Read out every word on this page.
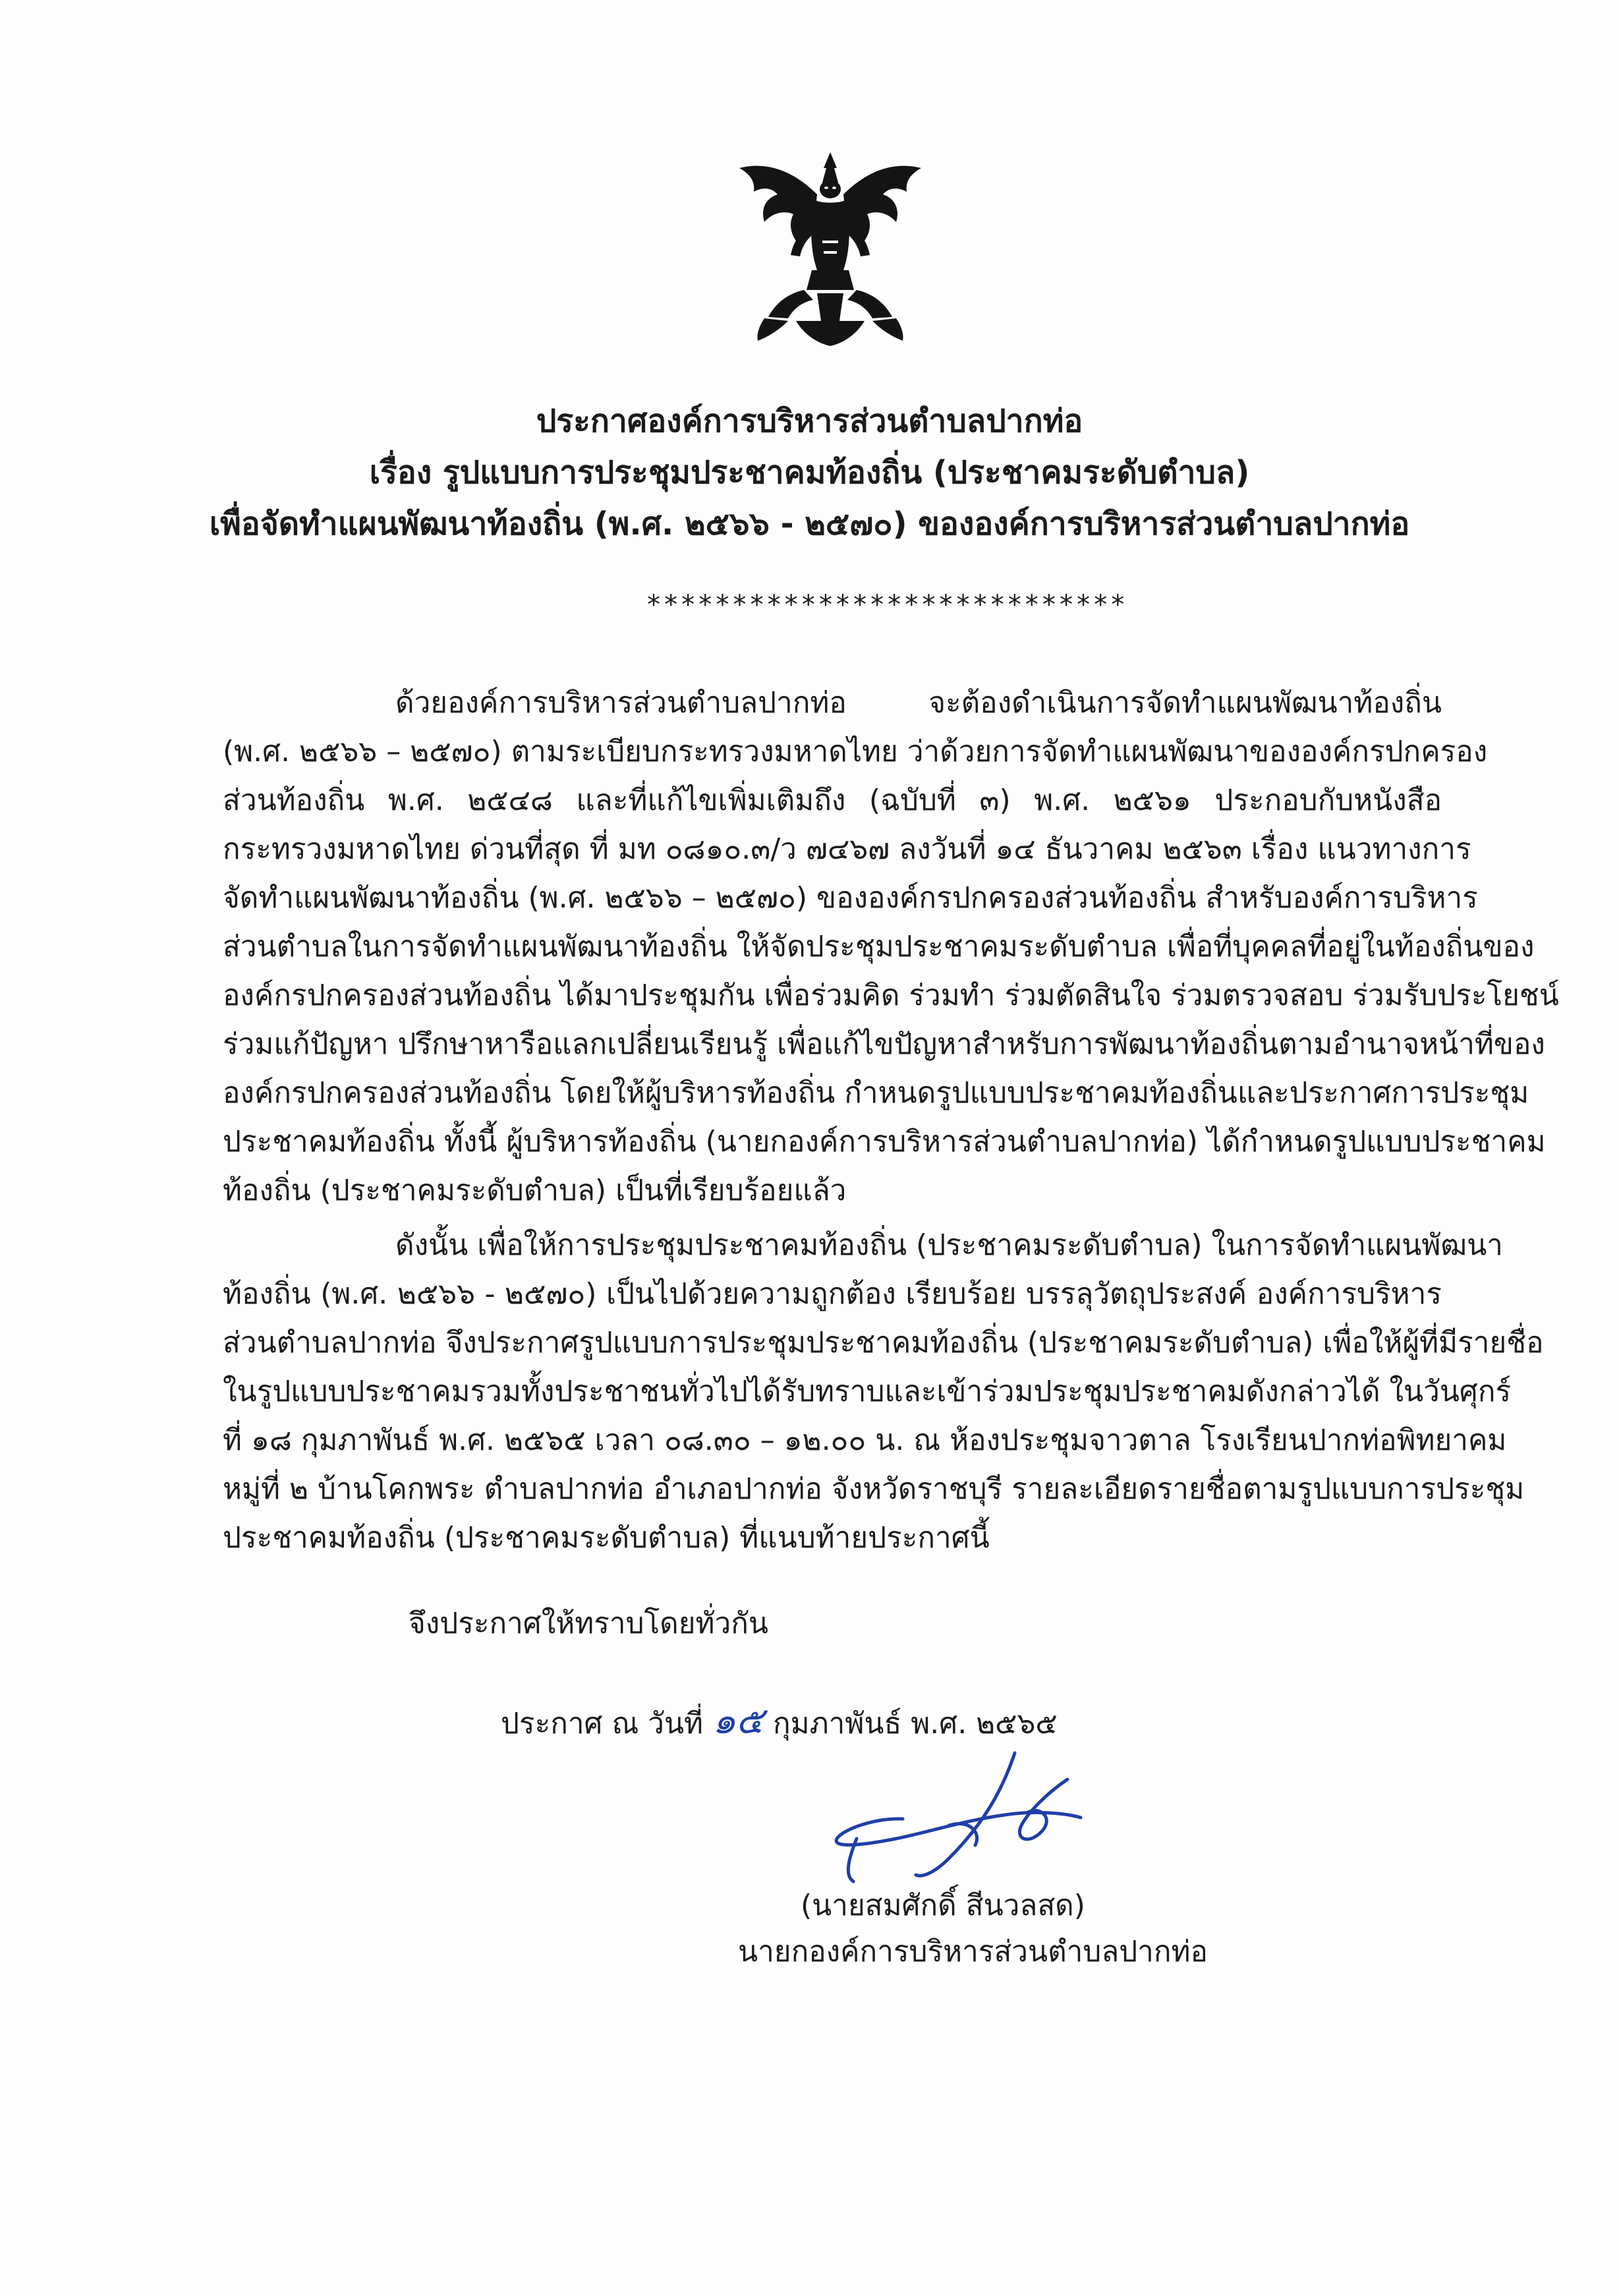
ประกาศองค์การบริหารส่วนตำบลปากท่อ
เรื่อง รูปแบบการประชุมประชาคมท้องถิ่น (ประชาคมระดับตำบล)
เพื่อจัดทำแผนพัฒนาท้องถิ่น (พ.ศ. ๒๕๖๖ - ๒๕๗๐) ขององค์การบริหารส่วนตำบลปากท่อ
****************************
ด้วยองค์การบริหารส่วนตำบลปากท่อ จะต้องดำเนินการจัดทำแผนพัฒนาท้องถิ่น
(พ.ศ. ๒๕๖๖ – ๒๕๗๐) ตามระเบียบกระทรวงมหาดไทย ว่าด้วยการจัดทำแผนพัฒนาขององค์กรปกครอง
ส่วนท้องถิ่น พ.ศ. ๒๕๔๘ และที่แก้ไขเพิ่มเติมถึง (ฉบับที่ ๓) พ.ศ. ๒๕๖๑ ประกอบกับหนังสือ
กระทรวงมหาดไทย ด่วนที่สุด ที่ มท ๐๘๑๐.๓/ว ๗๔๖๗ ลงวันที่ ๑๔ ธันวาคม ๒๕๖๓ เรื่อง แนวทางการ
จัดทำแผนพัฒนาท้องถิ่น (พ.ศ. ๒๕๖๖ – ๒๕๗๐) ขององค์กรปกครองส่วนท้องถิ่น สำหรับองค์การบริหาร
ส่วนตำบลในการจัดทำแผนพัฒนาท้องถิ่น ให้จัดประชุมประชาคมระดับตำบล เพื่อที่บุคคลที่อยู่ในท้องถิ่นของ
องค์กรปกครองส่วนท้องถิ่น ได้มาประชุมกัน เพื่อร่วมคิด ร่วมทำ ร่วมตัดสินใจ ร่วมตรวจสอบ ร่วมรับประโยชน์
ร่วมแก้ปัญหา ปรึกษาหารือแลกเปลี่ยนเรียนรู้ เพื่อแก้ไขปัญหาสำหรับการพัฒนาท้องถิ่นตามอำนาจหน้าที่ของ
องค์กรปกครองส่วนท้องถิ่น โดยให้ผู้บริหารท้องถิ่น กำหนดรูปแบบประชาคมท้องถิ่นและประกาศการประชุม
ประชาคมท้องถิ่น ทั้งนี้ ผู้บริหารท้องถิ่น (นายกองค์การบริหารส่วนตำบลปากท่อ) ได้กำหนดรูปแบบประชาคม
ท้องถิ่น (ประชาคมระดับตำบล) เป็นที่เรียบร้อยแล้ว
ดังนั้น เพื่อให้การประชุมประชาคมท้องถิ่น (ประชาคมระดับตำบล) ในการจัดทำแผนพัฒนา
ท้องถิ่น (พ.ศ. ๒๕๖๖ - ๒๕๗๐) เป็นไปด้วยความถูกต้อง เรียบร้อย บรรลุวัตถุประสงค์ องค์การบริหาร
ส่วนตำบลปากท่อ จึงประกาศรูปแบบการประชุมประชาคมท้องถิ่น (ประชาคมระดับตำบล) เพื่อให้ผู้ที่มีรายชื่อ
ในรูปแบบประชาคมรวมทั้งประชาชนทั่วไปได้รับทราบและเข้าร่วมประชุมประชาคมดังกล่าวได้ ในวันศุกร์
ที่ ๑๘ กุมภาพันธ์ พ.ศ. ๒๕๖๕ เวลา ๐๘.๓๐ – ๑๒.๐๐ น. ณ ห้องประชุมจาวตาล โรงเรียนปากท่อพิทยาคม
หมู่ที่ ๒ บ้านโคกพระ ตำบลปากท่อ อำเภอปากท่อ จังหวัดราชบุรี รายละเอียดรายชื่อตามรูปแบบการประชุม
ประชาคมท้องถิ่น (ประชาคมระดับตำบล) ที่แนบท้ายประกาศนี้
จึงประกาศให้ทราบโดยทั่วกัน
ประกาศ ณ วันที่ ๑๕ กุมภาพันธ์ พ.ศ. ๒๕๖๕
(นายสมศักดิ์ สีนวลสด)
นายกองค์การบริหารส่วนตำบลปากท่อ
